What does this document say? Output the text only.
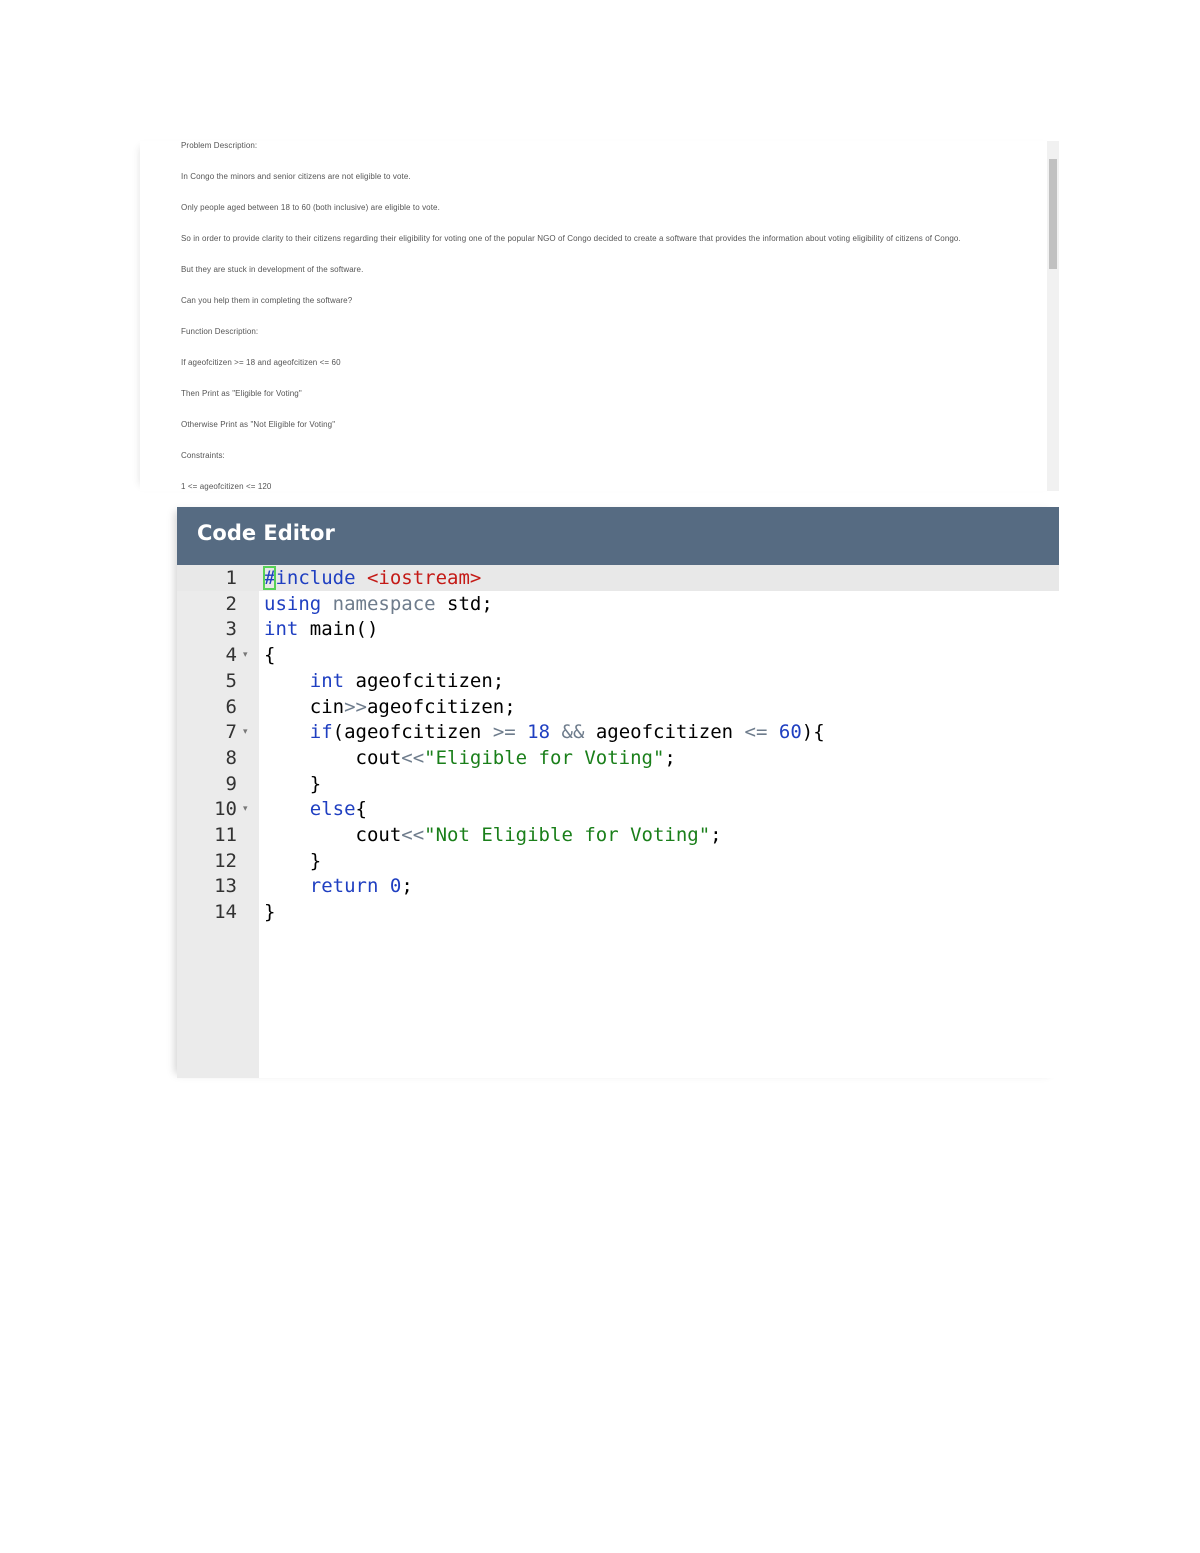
Problem Description:
In Congo the minors and senior citizens are not eligible to vote.
Only people aged between 18 to 60 (both inclusive) are eligible to vote.
So in order to provide clarity to their citizens regarding their eligibility for voting one of the popular NGO of Congo decided to create a software that provides the information about voting eligibility of citizens of Congo.
But they are stuck in development of the software.
Can you help them in completing the software?
Function Description:
If ageofcitizen >= 18 and ageofcitizen <= 60
Then Print as "Eligible for Voting"
Otherwise Print as "Not Eligible for Voting"
Constraints:
1 <= ageofcitizen <= 120
Code Editor
1 #include <iostream>
2 using namespace std;
3 int main()
4 ▾ {
5	int ageofcitizen;
6 cin>>ageofcitizen;
7 ▾	if(ageofcitizen >= 18 && ageofcitizen <= 60){
8 cout<<"Eligible for Voting";
9 }
10 ▾	else{
11 cout<<"Not Eligible for Voting";
12 }
13	return 0;
14 }
